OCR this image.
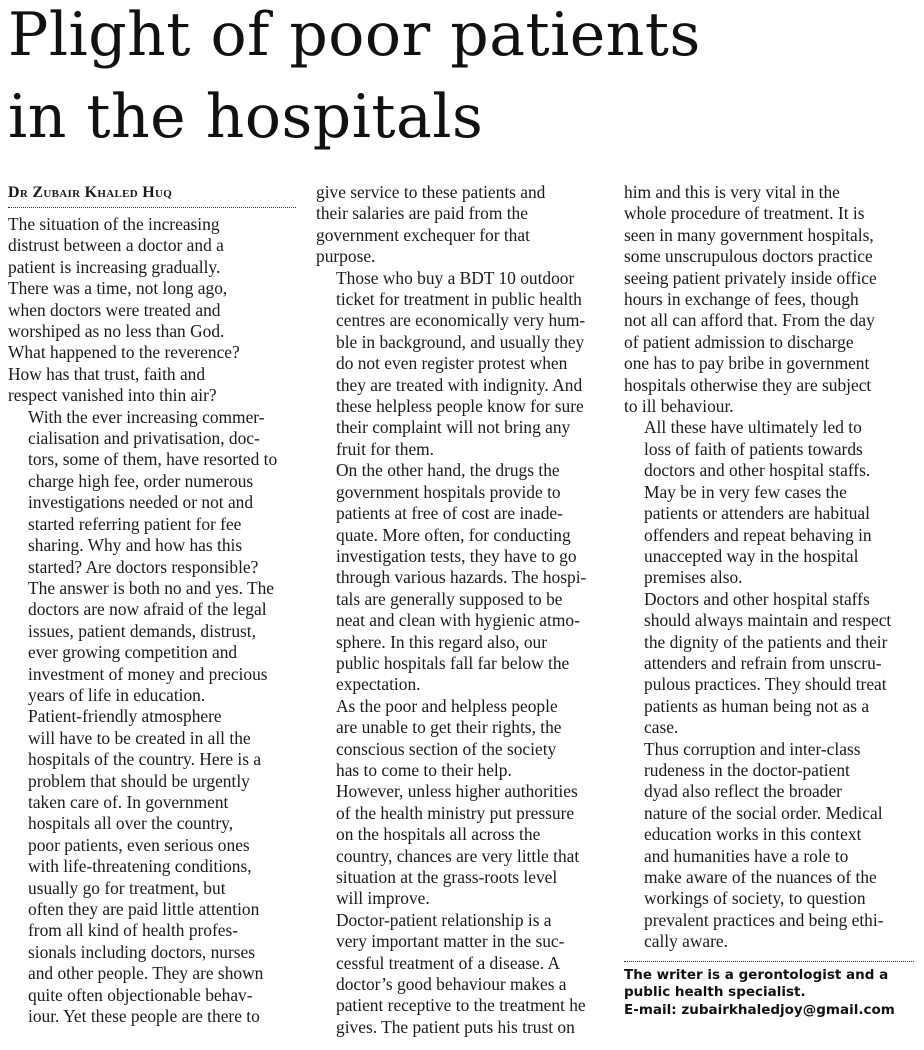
Plight of poor patients
in the hospitals
Dr Zubair Khaled Huq

The situation of the increasing
distrust between a doctor and a
patient is increasing gradually.
There was a time, not long ago,
when doctors were treated and
worshiped as no less than God.
What happened to the reverence?
How has that trust, faith and
respect vanished into thin air?

With the ever increasing commer-
cialisation and privatisation, doc-
tors, some of them, have resorted to
charge high fee, order numerous
investigations needed or not and
started referring patient for fee
sharing. Why and how has this
started? Are doctors responsible?
The answer is both no and yes. The
doctors are now afraid of the legal
issues, patient demands, distrust,
ever growing competition and
investment of money and precious
years of life in education.

Patient-friendly atmosphere
will have to be created in all the
hospitals of the country. Here is a
problem that should be urgently
taken care of. In government
hospitals all over the country,
poor patients, even serious ones
with life-threatening conditions,
usually go for treatment, but
often they are paid little attention
from all kind of health profes-
sionals including doctors, nurses
and other people. They are shown
quite often objectionable behav-
iour. Yet these people are there to

give service to these patients and
their salaries are paid from the
government exchequer for that
purpose.

Those who buy a BDT 10 outdoor
ticket for treatment in public health
centres are economically very hum-
ble in background, and usually they
do not even register protest when
they are treated with indignity. And
these helpless people know for sure
their complaint will not bring any
fruit for them.

On the other hand, the drugs the
government hospitals provide to
patients at free of cost are inade-
quate. More often, for conducting
investigation tests, they have to go
through various hazards. The hospi-
tals are generally supposed to be
neat and clean with hygienic atmo-
sphere. In this regard also, our
public hospitals fall far below the
expectation.

As the poor and helpless people
are unable to get their rights, the
conscious section of the society
has to come to their help.
However, unless higher authorities
of the health ministry put pressure
on the hospitals all across the
country, chances are very little that
situation at the grass-roots level
will improve.

Doctor-patient relationship is a
very important matter in the suc-
cessful treatment of a disease. A
doctor’s good behaviour makes a
patient receptive to the treatment he
gives. The patient puts his trust on

him and this is very vital in the
whole procedure of treatment. It is
seen in many government hospitals,
some unscrupulous doctors practice
seeing patient privately inside office
hours in exchange of fees, though
not all can afford that. From the day
of patient admission to discharge
one has to pay bribe in government
hospitals otherwise they are subject
to ill behaviour.

All these have ultimately led to
loss of faith of patients towards
doctors and other hospital staffs.
May be in very few cases the
patients or attenders are habitual
offenders and repeat behaving in
unaccepted way in the hospital
premises also.

Doctors and other hospital staffs
should always maintain and respect
the dignity of the patients and their
attenders and refrain from unscru-
pulous practices. They should treat
patients as human being not as a
case.

Thus corruption and inter-class
rudeness in the doctor-patient
dyad also reflect the broader
nature of the social order. Medical
education works in this context
and humanities have a role to
make aware of the nuances of the
workings of society, to question
prevalent practices and being ethi-
cally aware.

The writer is a gerontologist and a
public health specialist.
E-mail: zubairkhaledjoy@gmail.com
